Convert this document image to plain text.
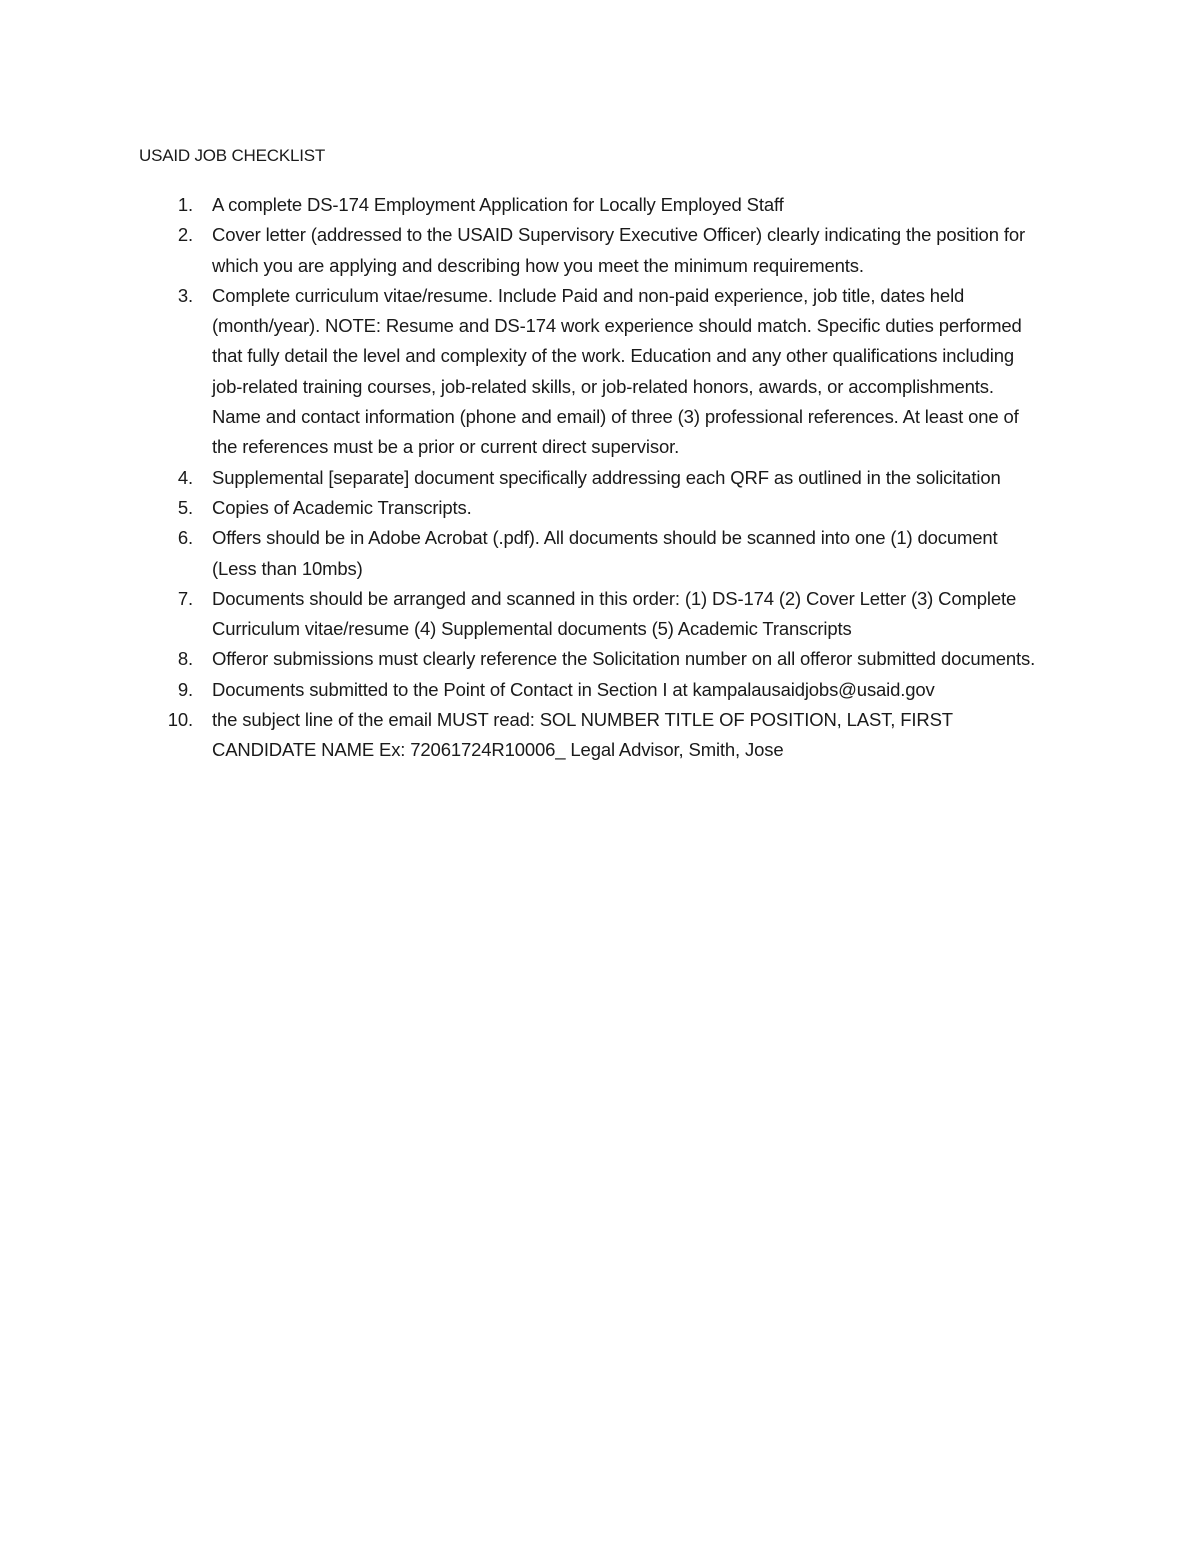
USAID JOB CHECKLIST
1. A complete DS-174 Employment Application for Locally Employed Staff
2. Cover letter (addressed to the USAID Supervisory Executive Officer) clearly indicating the position for which you are applying and describing how you meet the minimum requirements.
3. Complete curriculum vitae/resume. Include Paid and non-paid experience, job title, dates held (month/year). NOTE: Resume and DS-174 work experience should match. Specific duties performed that fully detail the level and complexity of the work. Education and any other qualifications including job-related training courses, job-related skills, or job-related honors, awards, or accomplishments. Name and contact information (phone and email) of three (3) professional references. At least one of the references must be a prior or current direct supervisor.
4. Supplemental [separate] document specifically addressing each QRF as outlined in the solicitation
5. Copies of Academic Transcripts.
6. Offers should be in Adobe Acrobat (.pdf). All documents should be scanned into one (1) document (Less than 10mbs)
7. Documents should be arranged and scanned in this order: (1) DS-174 (2) Cover Letter (3) Complete Curriculum vitae/resume (4) Supplemental documents (5) Academic Transcripts
8. Offeror submissions must clearly reference the Solicitation number on all offeror submitted documents.
9. Documents submitted to the Point of Contact in Section I at kampalausaidjobs@usaid.gov
10. the subject line of the email MUST read: SOL NUMBER TITLE OF POSITION, LAST, FIRST CANDIDATE NAME Ex: 72061724R10006_ Legal Advisor, Smith, Jose
